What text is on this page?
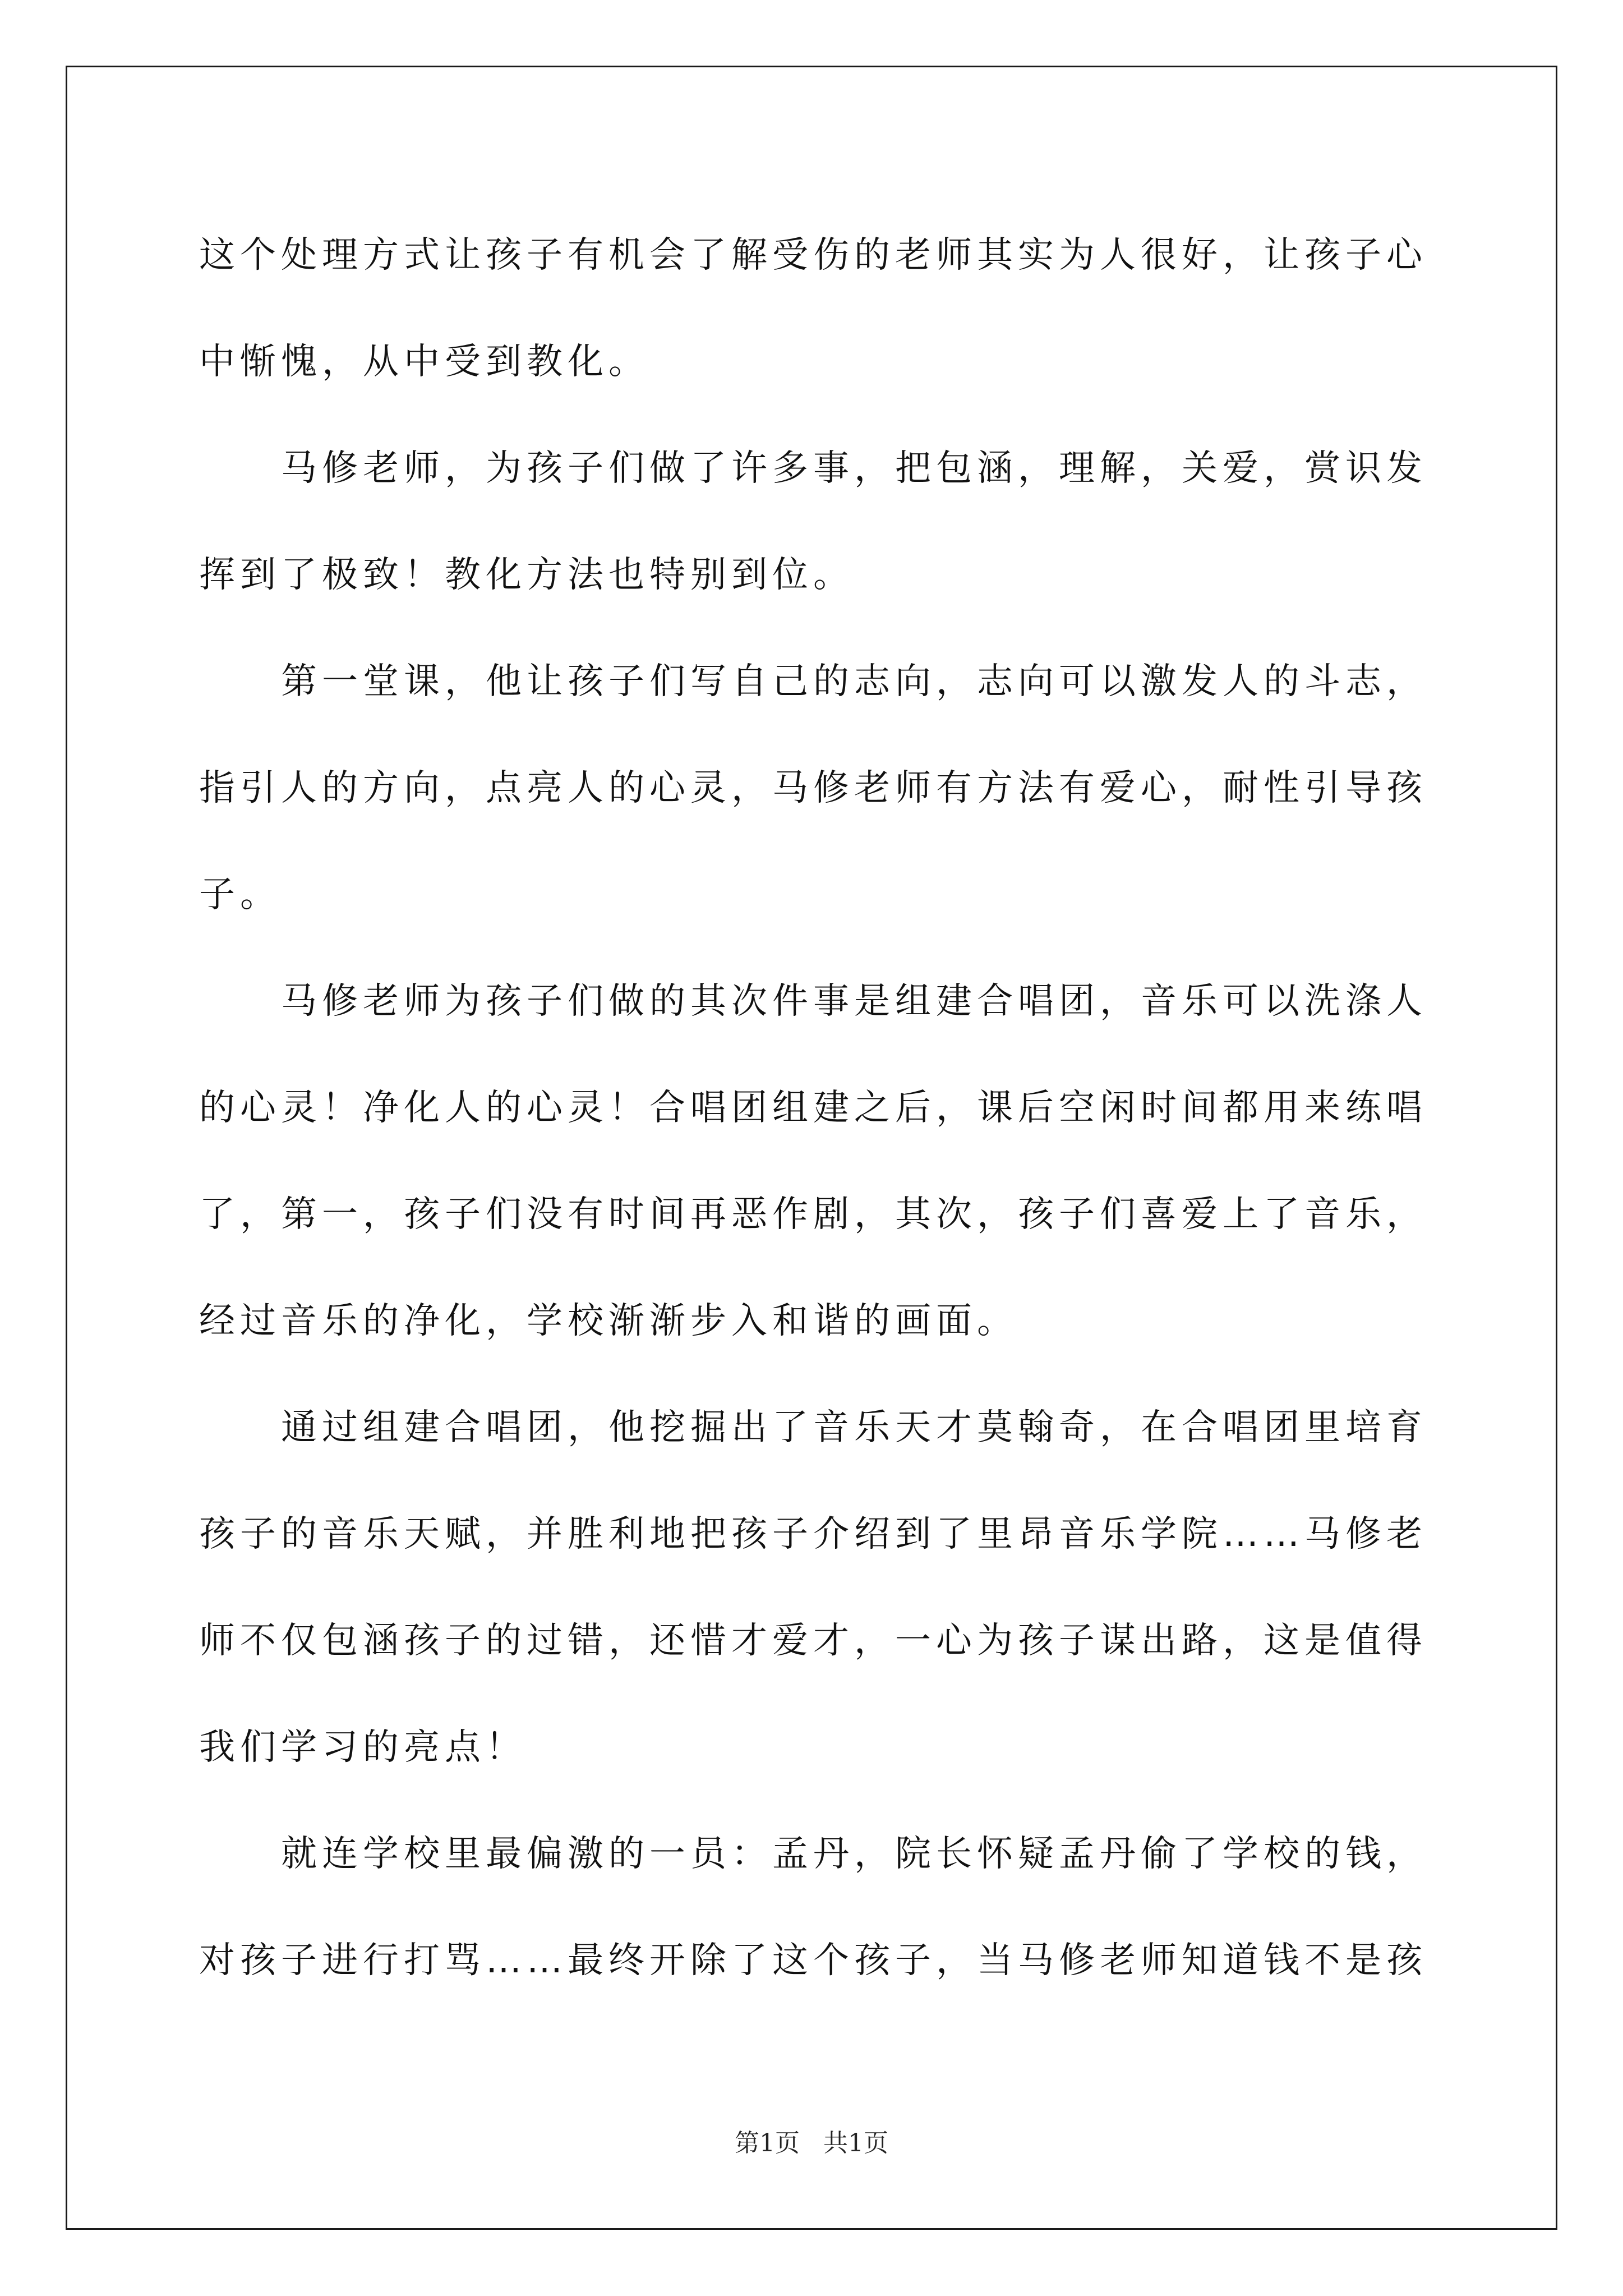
这个处理方式让孩子有机会了解受伤的老师其实为人很好，让孩子心中惭愧，从中受到教化。

马修老师，为孩子们做了许多事，把包涵，理解，关爱，赏识发挥到了极致！教化方法也特别到位。

第一堂课，他让孩子们写自己的志向，志向可以激发人的斗志，指引人的方向，点亮人的心灵，马修老师有方法有爱心，耐性引导孩子。

马修老师为孩子们做的其次件事是组建合唱团，音乐可以洗涤人的心灵！净化人的心灵！合唱团组建之后，课后空闲时间都用来练唱了，第一，孩子们没有时间再恶作剧，其次，孩子们喜爱上了音乐，经过音乐的净化，学校渐渐步入和谐的画面。

通过组建合唱团，他挖掘出了音乐天才莫翰奇，在合唱团里培育孩子的音乐天赋，并胜利地把孩子介绍到了里昂音乐学院……马修老师不仅包涵孩子的过错，还惜才爱才，一心为孩子谋出路，这是值得我们学习的亮点！

就连学校里最偏激的一员：孟丹，院长怀疑孟丹偷了学校的钱，对孩子进行打骂……最终开除了这个孩子，当马修老师知道钱不是孩

第1页 共1页
